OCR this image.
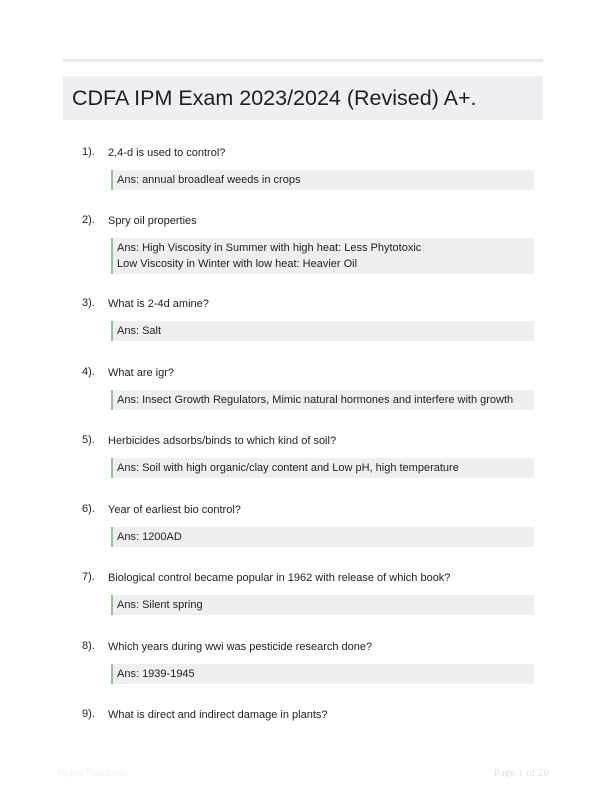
CDFA IPM Exam 2023/2024 (Revised) A+.
1). 2,4-d is used to control?
Ans: annual broadleaf weeds in crops
2). Spry oil properties
Ans: High Viscosity in Summer with high heat: Less Phytotoxic
Low Viscosity in Winter with low heat: Heavier Oil
3). What is 2-4d amine?
Ans: Salt
4). What are igr?
Ans: Insect Growth Regulators, Mimic natural hormones and interfere with growth
5). Herbicides adsorbs/binds to which kind of soil?
Ans: Soil with high organic/clay content and Low pH, high temperature
6). Year of earliest bio control?
Ans: 1200AD
7). Biological control became popular in 1962 with release of which book?
Ans: Silent spring
8). Which years during wwi was pesticide research done?
Ans: 1939-1945
9). What is direct and indirect damage in plants?
PaperTrail.com	Page 1 of 20
